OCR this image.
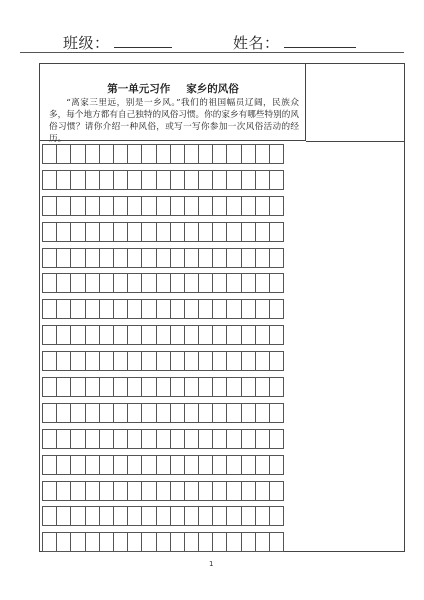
班级：	姓名：
第一单元习作 家乡的风俗
“离家三里远，别是一乡风。”我们的祖国幅员辽阔，民族众多，每个地方都有自己独特的风俗习惯。你的家乡有哪些特别的风俗习惯？请你介绍一种风俗，或写一写你参加一次风俗活动的经历。
1
